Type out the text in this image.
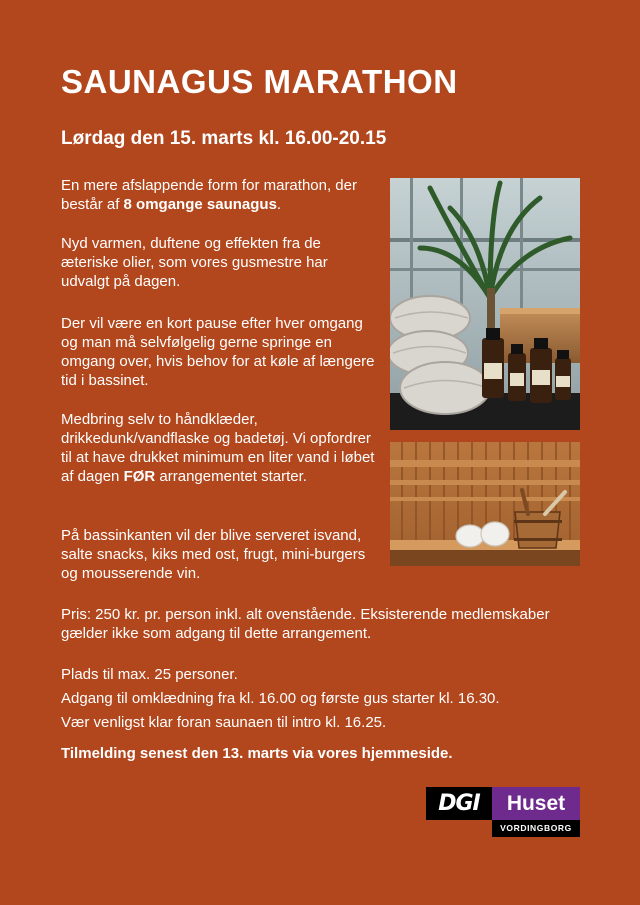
SAUNAGUS MARATHON
Lørdag den 15. marts kl. 16.00-20.15

En mere afslappende form for marathon, der består af 8 omgange saunagus.

Nyd varmen, duftene og effekten fra de æteriske olier, som vores gusmestre har udvalgt på dagen.

Der vil være en kort pause efter hver omgang og man må selvfølgelig gerne springe en omgang over, hvis behov for at køle af længere tid i bassinet.

Medbring selv to håndklæder, drikkedunk/vandflaske og badetøj. Vi opfordrer til at have drukket minimum en liter vand i løbet af dagen FØR arrangementet starter.

På bassinkanten vil der blive serveret isvand, salte snacks, kiks med ost, frugt, mini-burgers og mousserende vin.

Pris: 250 kr. pr. person inkl. alt ovenstående. Eksisterende medlemskaber gælder ikke som adgang til dette arrangement.

Plads til max. 25 personer.

Adgang til omklædning fra kl. 16.00 og første gus starter kl. 16.30.

Vær venligst klar foran saunaen til intro kl. 16.25.

Tilmelding senest den 13. marts via vores hjemmeside.

DGI	Huset
VORDINGBORG
